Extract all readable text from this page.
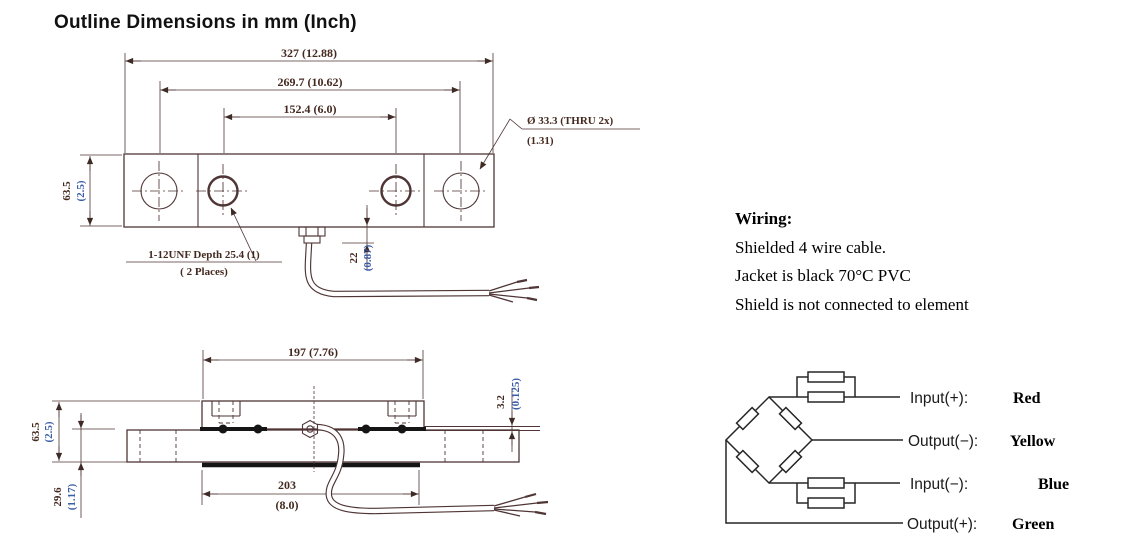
Outline Dimensions in mm (Inch)
327 (12.88)
269.7 (10.62)
152.4 (6.0)
63.5 (2.5)
Ø 33.3 (THRU 2x)
(1.31)
1-12UNF Depth 25.4 (1)
( 2 Places)
22 (0.87)
197 (7.76)
63.5 (2.5)
29.6 (1.17)
3.2 (0.125)
203
(8.0)
Input(+):	Red
Output(−): Yellow
Input(−):	Blue
Output(+): Green

Wiring:

Shielded 4 wire cable.

Jacket is black 70°C PVC

Shield is not connected to element
